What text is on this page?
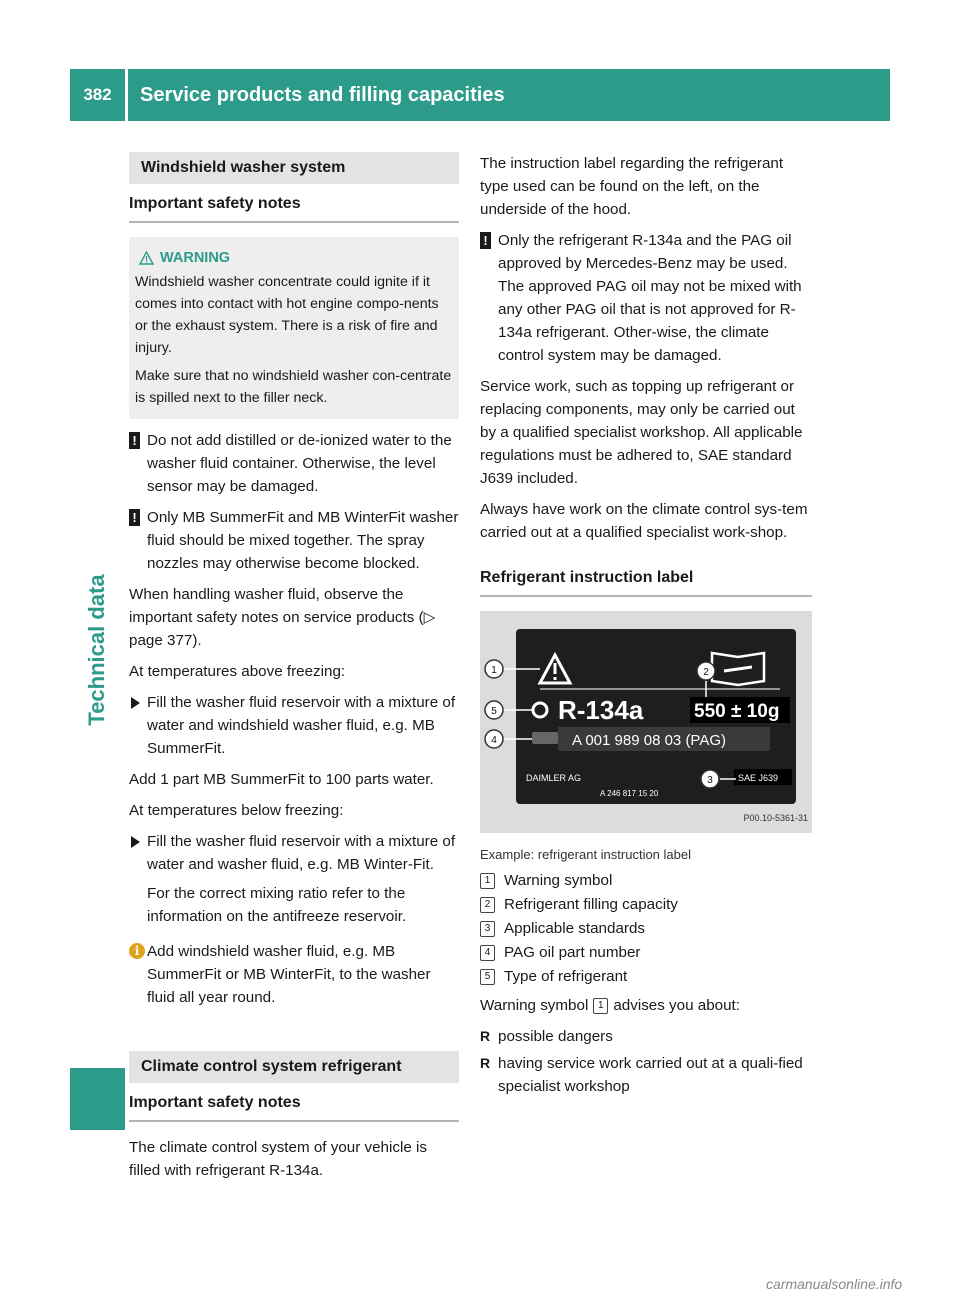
382	Service products and filling capacities
Technical data
Windshield washer system
Important safety notes
WARNING

Windshield washer concentrate could ignite if it comes into contact with hot engine compo-nents or the exhaust system. There is a risk of fire and injury.

Make sure that no windshield washer con-centrate is spilled next to the filler neck.

! Do not add distilled or de-ionized water to the washer fluid container. Otherwise, the level sensor may be damaged.
! Only MB SummerFit and MB WinterFit washer fluid should be mixed together. The spray nozzles may otherwise become blocked.
When handling washer fluid, observe the important safety notes on service products (▷ page 377).
At temperatures above freezing:
Fill the washer fluid reservoir with a mixture of water and windshield washer fluid, e.g. MB SummerFit.
Add 1 part MB SummerFit to 100 parts water.
At temperatures below freezing:
Fill the washer fluid reservoir with a mixture of water and washer fluid, e.g. MB Winter-Fit.
For the correct mixing ratio refer to the information on the antifreeze reservoir.
i Add windshield washer fluid, e.g. MB SummerFit or MB WinterFit, to the washer fluid all year round.
Climate control system refrigerant
Important safety notes
The climate control system of your vehicle is filled with refrigerant R-134a.
The instruction label regarding the refrigerant type used can be found on the left, on the underside of the hood.
! Only the refrigerant R-134a and the PAG oil approved by Mercedes-Benz may be used. The approved PAG oil may not be mixed with any other PAG oil that is not approved for R-134a refrigerant. Other-wise, the climate control system may be damaged.
Service work, such as topping up refrigerant or replacing components, may only be carried out by a qualified specialist workshop. All applicable regulations must be adhered to, SAE standard J639 included.
Always have work on the climate control sys-tem carried out at a qualified specialist work-shop.
Refrigerant instruction label
R-134a	550 ± 10g
A 001 989 08 03 (PAG)
DAIMLER AG
A 246 817 15 20
SAE J639
1	2
3
4
5
P00.10-5361-31
Example: refrigerant instruction label
1 Warning symbol
2 Refrigerant filling capacity
3 Applicable standards
4 PAG oil part number
5 Type of refrigerant
Warning symbol 1 advises you about:
R possible dangers
R having service work carried out at a quali-fied specialist workshop
carmanualsonline.info
